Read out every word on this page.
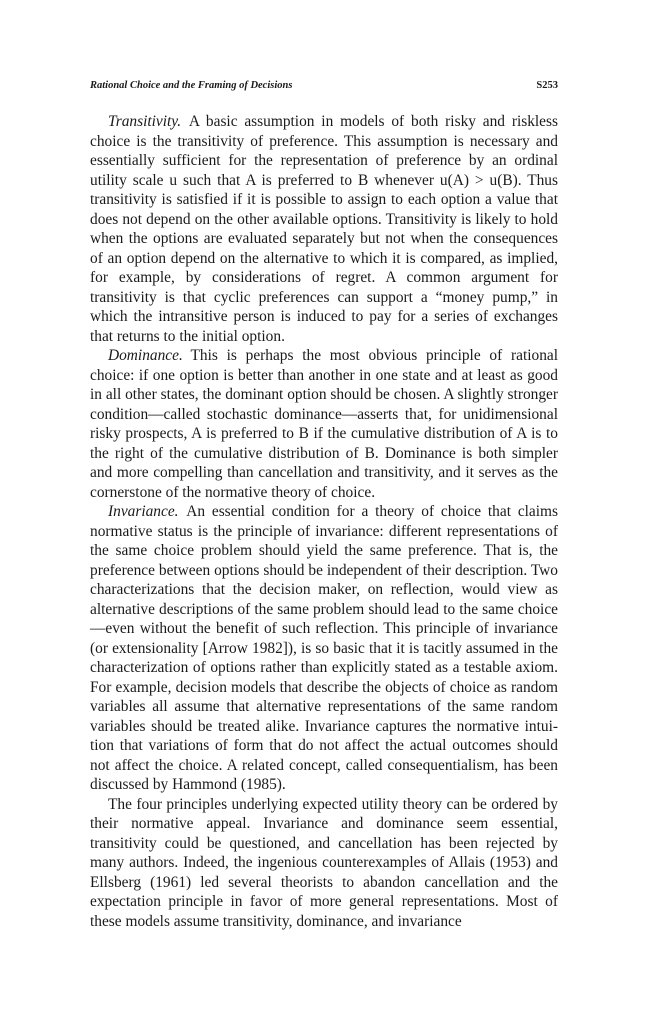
Rational Choice and the Framing of Decisions	S253

Transitivity.  A basic assumption in models of both risky and riskless choice is the transitivity of preference. This assumption is necessary and essentially sufficient for the representation of preference by an ordinal utility scale u such that A is preferred to B whenever u(A) > u(B). Thus transitivity is satisfied if it is possible to assign to each option a value that does not depend on the other available options. Transitivity is likely to hold when the options are evaluated separately but not when the consequences of an option depend on the alternative to which it is compared, as implied, for example, by considerations of regret. A common argument for transitivity is that cyclic preferences can support a “money pump,” in which the intransitive person is induced to pay for a series of exchanges that returns to the initial option.

Dominance.  This is perhaps the most obvious principle of rational choice: if one option is better than another in one state and at least as good in all other states, the dominant option should be chosen. A slightly stronger condition—called stochastic dominance—asserts that, for unidimensional risky prospects, A is preferred to B if the cumulative distribution of A is to the right of the cumulative distribution of B. Dominance is both simpler and more compelling than cancellation and transitivity, and it serves as the cornerstone of the normative theory of choice.

Invariance.  An essential condition for a theory of choice that claims normative status is the principle of invariance: different representations of the same choice problem should yield the same preference. That is, the preference between options should be independent of their description. Two characterizations that the decision maker, on reflection, would view as alternative descriptions of the same problem should lead to the same choice—even without the benefit of such reflection. This principle of invariance (or extensionality [Arrow 1982]), is so basic that it is tacitly assumed in the characterization of options rather than explicitly stated as a testable axiom. For example, decision models that describe the objects of choice as random variables all assume that alternative representations of the same random variables should be treated alike. Invariance captures the normative intuition that variations of form that do not affect the actual outcomes should not affect the choice. A related concept, called consequentialism, has been discussed by Hammond (1985).

The four principles underlying expected utility theory can be ordered by their normative appeal. Invariance and dominance seem essential, transitivity could be questioned, and cancellation has been rejected by many authors. Indeed, the ingenious counterexamples of Allais (1953) and Ellsberg (1961) led several theorists to abandon cancellation and the expectation principle in favor of more general representations. Most of these models assume transitivity, dominance, and invariance
